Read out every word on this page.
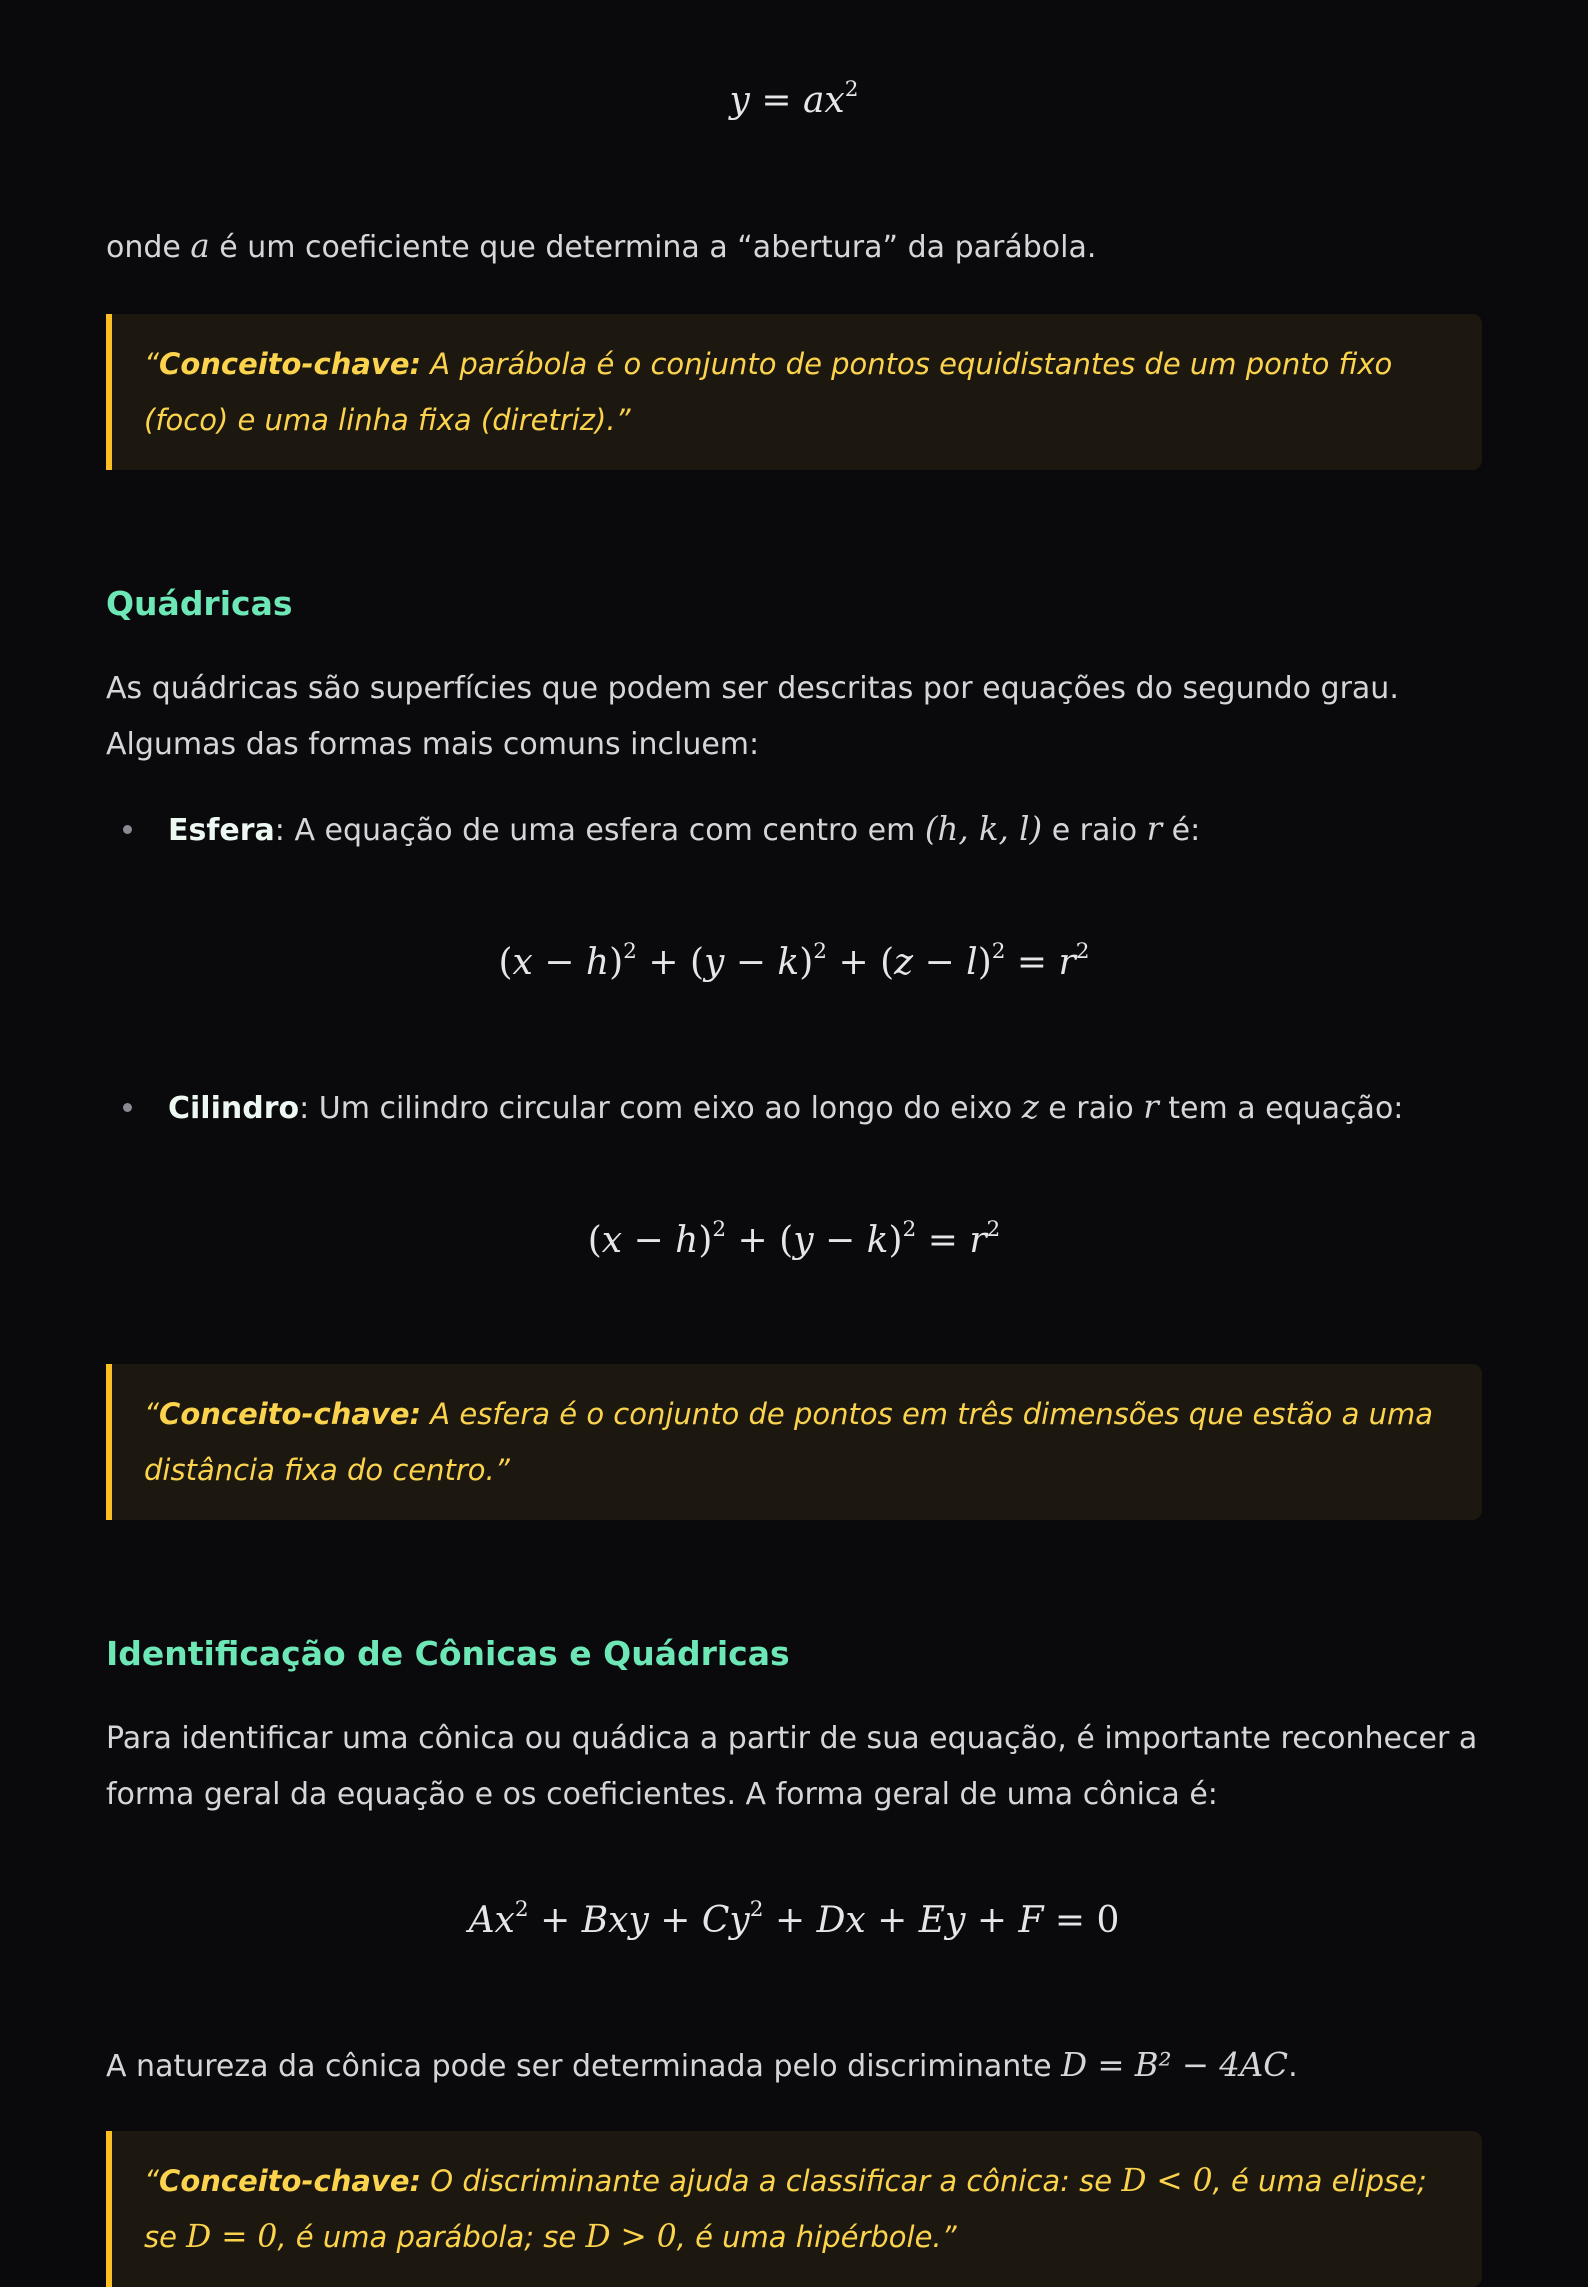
$y = ax^2$
onde a é um coeficiente que determina a “abertura” da parábola.
“Conceito-chave: A parábola é o conjunto de pontos equidistantes de um ponto fixo (foco) e uma linha fixa (diretriz).”
Quádricas
As quádricas são superfícies que podem ser descritas por equações do segundo grau. Algumas das formas mais comuns incluem:
Esfera: A equação de uma esfera com centro em (h, k, l) e raio r é:
$(x - h)^2 + (y - k)^2 + (z - l)^2 = r^2$
Cilindro: Um cilindro circular com eixo ao longo do eixo z e raio r tem a equação:
$(x - h)^2 + (y - k)^2 = r^2$
“Conceito-chave: A esfera é o conjunto de pontos em três dimensões que estão a uma distância fixa do centro.”
Identificação de Cônicas e Quádricas
Para identificar uma cônica ou quádica a partir de sua equação, é importante reconhecer a forma geral da equação e os coeficientes. A forma geral de uma cônica é:
$Ax^2$ + Bxy + $Cy^2 + Dx + Ey + F = 0$
A natureza da cônica pode ser determinada pelo discriminante D = B² − 4AC.
“Conceito-chave: O discriminante ajuda a classificar a cônica: se D < 0, é uma elipse; se D = 0, é uma parábola; se D > 0, é uma hipérbole.”
